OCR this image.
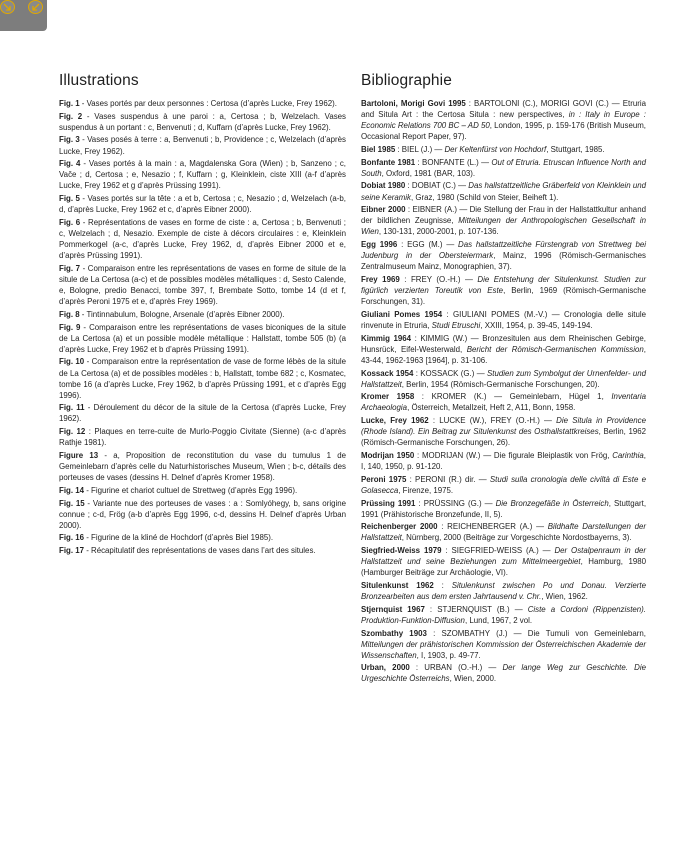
Illustrations

Fig. 1 - Vases portés par deux personnes : Certosa (d’après Lucke, Frey 1962).

Fig. 2 - Vases suspendus à une paroi : a, Certosa ; b, Welzelach. Vases suspendus à un portant : c, Benvenuti ; d, Kuffarn (d’après Lucke, Frey 1962).

Fig. 3 - Vases posés à terre : a, Benvenuti ; b, Providence ; c, Welzelach (d’après Lucke, Frey 1962).

Fig. 4 - Vases portés à la main : a, Magdalenska Gora (Wien) ; b, Sanzeno ; c, Vače ; d, Certosa ; e, Nesazio ; f, Kuffarn ; g, Kleinklein, ciste XIII (a-f d’après Lucke, Frey 1962 et g d’après Prüssing 1991).

Fig. 5 - Vases portés sur la tête : a et b, Certosa ; c, Nesazio ; d, Welzelach (a-b, d, d’après Lucke, Frey 1962 et c, d’après Eibner 2000).

Fig. 6 - Représentations de vases en forme de ciste : a, Certosa ; b, Benvenuti ; c, Welzelach ; d, Nesazio. Exemple de ciste à décors circulaires : e, Kleinklein Pommerkogel (a-c, d’après Lucke, Frey 1962, d, d’après Eibner 2000 et e, d’après Prüssing 1991).

Fig. 7 - Comparaison entre les représentations de vases en forme de situle de la situle de La Certosa (a-c) et de possibles modèles métalliques : d, Sesto Calende, e, Bologne, predio Benacci, tombe 397, f, Brembate Sotto, tombe 14 (d et f, d’après Peroni 1975 et e, d’après Frey 1969).

Fig. 8 - Tintinnabulum, Bologne, Arsenale (d’après Eibner 2000).

Fig. 9 - Comparaison entre les représentations de vases biconiques de la situle de La Certosa (a) et un possible modèle métallique : Hallstatt, tombe 505 (b) (a d’après Lucke, Frey 1962 et b d’après Prüssing 1991).

Fig. 10 - Comparaison entre la représentation de vase de forme lébès de la situle de La Certosa (a) et de possibles modèles : b, Hallstatt, tombe 682 ; c, Kosmatec, tombe 16 (a d’après Lucke, Frey 1962, b d’après Prüssing 1991, et c d’après Egg 1996).

Fig. 11 - Déroulement du décor de la situle de la Certosa (d’après Lucke, Frey 1962).

Fig. 12 : Plaques en terre-cuite de Murlo-Poggio Civitate (Sienne) (a-c d’après Rathje 1981).

Figure 13 - a, Proposition de reconstitution du vase du tumulus 1 de Gemeinlebarn d’après celle du Naturhistorisches Museum, Wien ; b-c, détails des porteuses de vases (dessins H. Delnef d’après Kromer 1958).

Fig. 14 - Figurine et chariot cultuel de Strettweg (d’après Egg 1996).

Fig. 15 - Variante nue des porteuses de vases : a : Somlyóhegy, b, sans origine connue ; c-d, Frög (a-b d’après Egg 1996, c-d, dessins H. Delnef d’après Urban 2000).

Fig. 16 - Figurine de la kliné de Hochdorf (d’après Biel 1985).

Fig. 17 - Récapitulatif des représentations de vases dans l’art des situles.

Bibliographie

Bartoloni, Morigi Govi 1995 : BARTOLONI (C.), MORIGI GOVI (C.) — Etruria and Situla Art : the Certosa Situla : new perspectives, in : Italy in Europe : Economic Relations 700 BC – AD 50, London, 1995, p. 159-176 (British Museum, Occasional Report Paper, 97).

Biel 1985 : BIEL (J.) — Der Keltenfürst von Hochdorf, Stuttgart, 1985.

Bonfante 1981 : BONFANTE (L.) — Out of Etruria. Etruscan Influence North and South, Oxford, 1981 (BAR, 103).

Dobiat 1980 : DOBIAT (C.) — Das hallstattzeitliche Gräberfeld von Kleinklein und seine Keramik, Graz, 1980 (Schild von Steier, Beiheft 1).

Eibner 2000 : EIBNER (A.) — Die Stellung der Frau in der Hallstattkultur anhand der bildlichen Zeugnisse, Mitteilungen der Anthropologischen Gesellschaft in Wien, 130-131, 2000-2001, p. 107-136.

Egg 1996 : EGG (M.) — Das hallstattzeitliche Fürstengrab von Strettweg bei Judenburg in der Obersteiermark, Mainz, 1996 (Römisch-Germanisches Zentralmuseum Mainz, Monographien, 37).

Frey 1969 : FREY (O.-H.) — Die Entstehung der Situlenkunst. Studien zur figürlich verzierten Toreutik von Este, Berlin, 1969 (Römisch-Germanische Forschungen, 31).

Giuliani Pomes 1954 : GIULIANI POMES (M.-V.) — Cronologia delle situle rinvenute in Etruria, Studi Etruschi, XXIII, 1954, p. 39-45, 149-194.

Kimmig 1964 : KIMMIG (W.) — Bronzesitulen aus dem Rheinischen Gebirge, Hunsrück, Eifel-Westerwald, Bericht der Römisch-Germanischen Kommission, 43-44, 1962-1963 [1964], p. 31-106.

Kossack 1954 : KOSSACK (G.) — Studien zum Symbolgut der Urnenfelder- und Hallstattzeit, Berlin, 1954 (Römisch-Germanische Forschungen, 20).

Kromer 1958 : KROMER (K.) — Gemeinlebarn, Hügel 1, Inventaria Archaeologia, Österreich, Metallzeit, Heft 2, A11, Bonn, 1958.

Lucke, Frey 1962 : LUCKE (W.), FREY (O.-H.) — Die Situla in Providence (Rhode Island). Ein Beitrag zur Situlenkunst des Osthallstattkreises, Berlin, 1962 (Römisch-Germanische Forschungen, 26).

Modrijan 1950 : MODRIJAN (W.) — Die figurale Bleiplastik von Frög, Carinthia, I, 140, 1950, p. 91-120.

Peroni 1975 : PERONI (R.) dir. — Studi sulla cronologia delle civiltà di Este e Golasecca, Firenze, 1975.

Prüssing 1991 : PRÜSSING (G.) — Die Bronzegefäße in Österreich, Stuttgart, 1991 (Prähistorische Bronzefunde, II, 5).

Reichenberger 2000 : REICHENBERGER (A.) — Bildhafte Darstellungen der Hallstattzeit, Nürnberg, 2000 (Beiträge zur Vorgeschichte Nordostbayerns, 3).

Siegfried-Weiss 1979 : SIEGFRIED-WEISS (A.) — Der Ostalpenraum in der Hallstattzeit und seine Beziehungen zum Mittelmeergebiet, Hamburg, 1980 (Hamburger Beiträge zur Archäologie, VI).

Situlenkunst 1962 : Situlenkunst zwischen Po und Donau. Verzierte Bronzearbeiten aus dem ersten Jahrtausend v. Chr., Wien, 1962.

Stjernquist 1967 : STJERNQUIST (B.) — Ciste a Cordoni (Rippenzisten). Produktion-Funktion-Diffusion, Lund, 1967, 2 vol.

Szombathy 1903 : SZOMBATHY (J.) — Die Tumuli von Gemeinlebarn, Mitteilungen der prähistorischen Kommission der Österreichischen Akademie der Wissenschaften, I, 1903, p. 49-77.

Urban, 2000 : URBAN (O.-H.) — Der lange Weg zur Geschichte. Die Urgeschichte Österreichs, Wien, 2000.
